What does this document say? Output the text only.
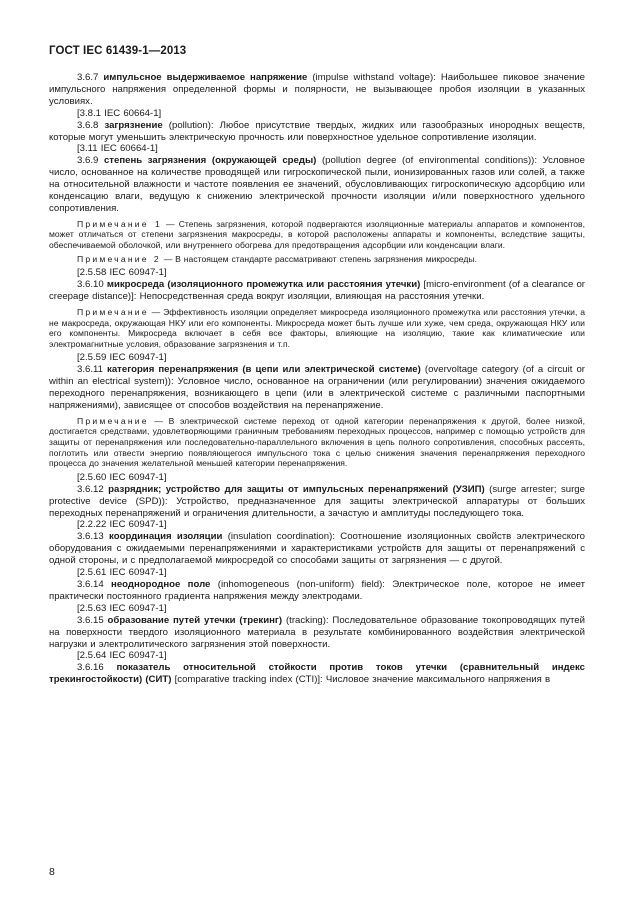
ГОСТ IEC 61439-1—2013

3.6.7 импульсное выдерживаемое напряжение (impulse withstand voltage): Наибольшее пиковое значение импульсного напряжения определенной формы и полярности, не вызывающее пробоя изоляции в указанных условиях.

[3.8.1 IEC 60664-1]

3.6.8 загрязнение (pollution): Любое присутствие твердых, жидких или газообразных инородных веществ, которые могут уменьшить электрическую прочность или поверхностное удельное сопротивление изоляции.

[3.11 IEC 60664-1]

3.6.9 степень загрязнения (окружающей среды) (pollution degree (of environmental conditions)): Условное число, основанное на количестве проводящей или гигроскопической пыли, ионизированных газов или солей, а также на относительной влажности и частоте появления ее значений, обусловливающих гигроскопическую адсорбцию или конденсацию влаги, ведущую к снижению электрической прочности изоляции и/или поверхностного удельного сопротивления.

Примечание 1 — Степень загрязнения, которой подвергаются изоляционные материалы аппаратов и компонентов, может отличаться от степени загрязнения макросреды, в которой расположены аппараты и компоненты, вследствие защиты, обеспечиваемой оболочкой, или внутреннего обогрева для предотвращения адсорбции или конденсации влаги.

Примечание 2 — В настоящем стандарте рассматривают степень загрязнения микросреды.

[2.5.58 IEC 60947-1]

3.6.10 микросреда (изоляционного промежутка или расстояния утечки) [micro-environment (of a clearance or creepage distance)]: Непосредственная среда вокруг изоляции, влияющая на расстояния утечки.

Примечание — Эффективность изоляции определяет микросреда изоляционного промежутка или расстояния утечки, а не макросреда, окружающая НКУ или его компоненты. Микросреда может быть лучше или хуже, чем среда, окружающая НКУ или его компоненты. Микросреда включает в себя все факторы, влияющие на изоляцию, такие как климатические или электромагнитные условия, образование загрязнения и т.п.

[2.5.59 IEC 60947-1]

3.6.11 категория перенапряжения (в цепи или электрической системе) (overvoltage category (of a circuit or within an electrical system)): Условное число, основанное на ограничении (или регулировании) значения ожидаемого переходного перенапряжения, возникающего в цепи (или в электрической системе с различными паспортными напряжениями), зависящее от способов воздействия на перенапряжение.

Примечание — В электрической системе переход от одной категории перенапряжения к другой, более низкой, достигается средствами, удовлетворяющими граничным требованиям переходных процессов, например с помощью устройств для защиты от перенапряжения или последовательно-параллельного включения в цепь полного сопротивления, способных рассеять, поглотить или отвести энергию появляющегося импульсного тока с целью снижения значения перенапряжения переходного процесса до значения желательной меньшей категории перенапряжения.

[2.5.60 IEC 60947-1]

3.6.12 разрядник; устройство для защиты от импульсных перенапряжений (УЗИП) (surge arrester; surge protective device (SPD)): Устройство, предназначенное для защиты электрической аппаратуры от больших переходных перенапряжений и ограничения длительности, а зачастую и амплитуды последующего тока.

[2.2.22 IEC 60947-1]

3.6.13 координация изоляции (insulation coordination): Соотношение изоляционных свойств электрического оборудования с ожидаемыми перенапряжениями и характеристиками устройств для защиты от перенапряжений с одной стороны, и с предполагаемой микросредой со способами защиты от загрязнения — с другой.

[2.5.61 IEC 60947-1]

3.6.14 неоднородное поле (inhomogeneous (non-uniform) field): Электрическое поле, которое не имеет практически постоянного градиента напряжения между электродами.

[2.5.63 IEC 60947-1]

3.6.15 образование путей утечки (трекинг) (tracking): Последовательное образование токопроводящих путей на поверхности твердого изоляционного материала в результате комбинированного воздействия электрической нагрузки и электролитического загрязнения этой поверхности.

[2.5.64 IEC 60947-1]

3.6.16 показатель относительной стойкости против токов утечки (сравнительный индекс трекингостойкости) (СИТ) [comparative tracking index (CTI)]: Числовое значение максимального напряжения в

8
